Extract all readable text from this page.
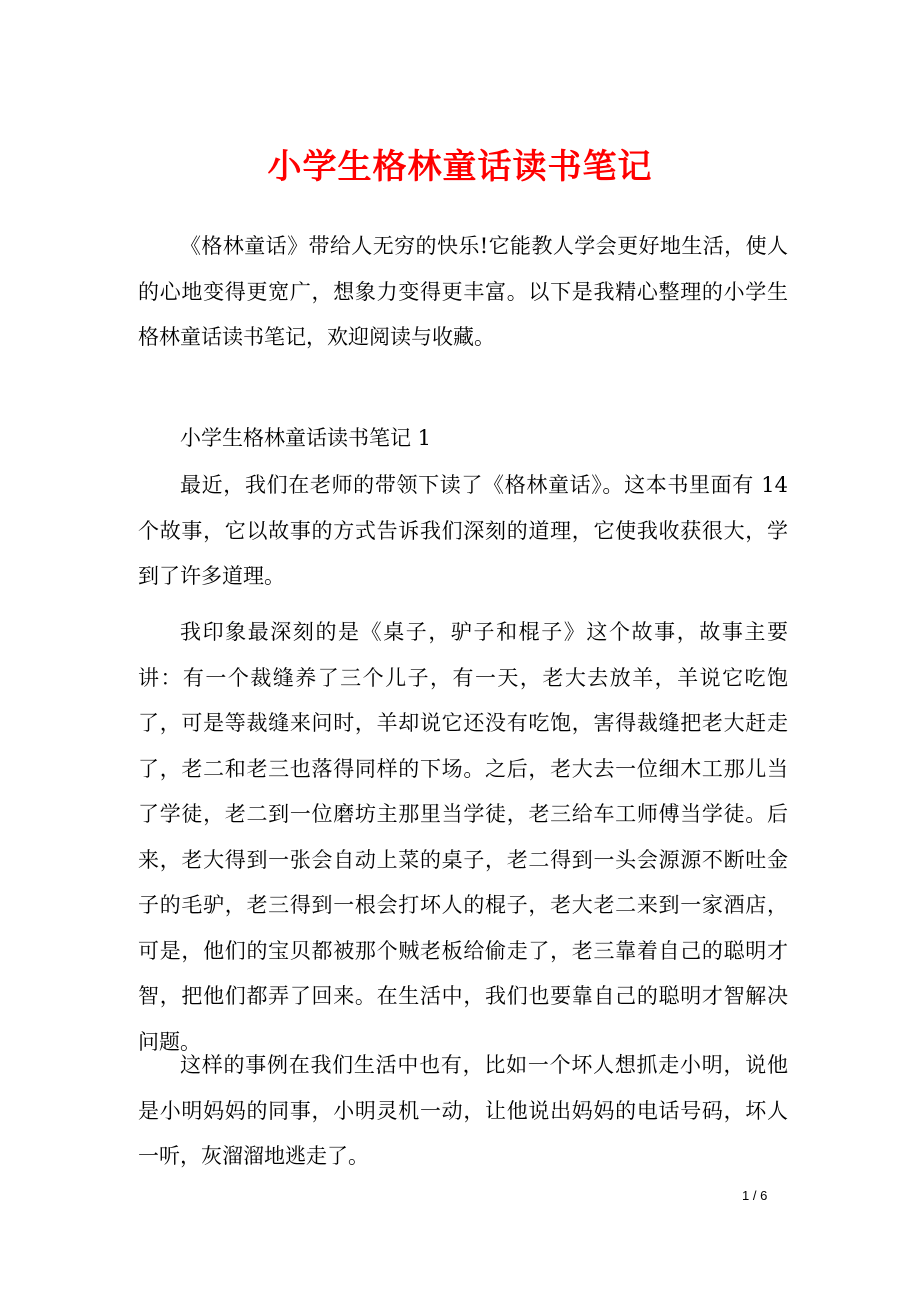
小学生格林童话读书笔记

《格林童话》带给人无穷的快乐!它能教人学会更好地生活，使人的心地变得更宽广，想象力变得更丰富。以下是我精心整理的小学生格林童话读书笔记，欢迎阅读与收藏。

小学生格林童话读书笔记 1

最近，我们在老师的带领下读了《格林童话》。这本书里面有 14 个故事，它以故事的方式告诉我们深刻的道理，它使我收获很大，学到了许多道理。

我印象最深刻的是《桌子，驴子和棍子》这个故事，故事主要讲：有一个裁缝养了三个儿子，有一天，老大去放羊，羊说它吃饱了，可是等裁缝来问时，羊却说它还没有吃饱，害得裁缝把老大赶走了，老二和老三也落得同样的下场。之后，老大去一位细木工那儿当了学徒，老二到一位磨坊主那里当学徒，老三给车工师傅当学徒。后来，老大得到一张会自动上菜的桌子，老二得到一头会源源不断吐金子的毛驴，老三得到一根会打坏人的棍子，老大老二来到一家酒店，可是，他们的宝贝都被那个贼老板给偷走了，老三靠着自己的聪明才智，把他们都弄了回来。在生活中，我们也要靠自己的聪明才智解决问题。

这样的事例在我们生活中也有，比如一个坏人想抓走小明，说他是小明妈妈的同事，小明灵机一动，让他说出妈妈的电话号码，坏人一听，灰溜溜地逃走了。

1 / 6
